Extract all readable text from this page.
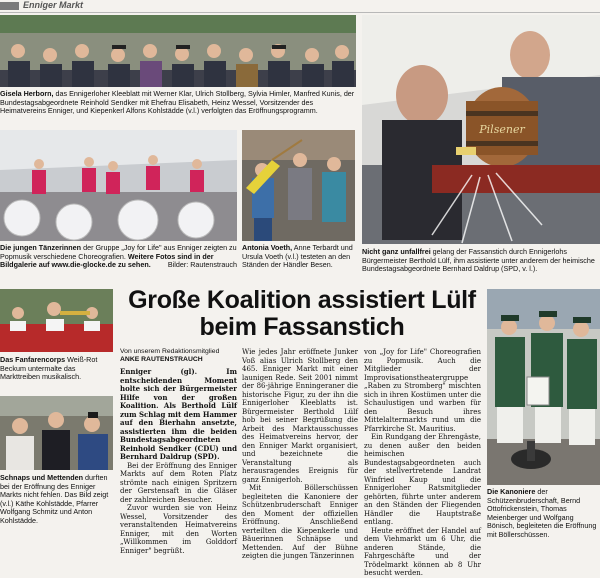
Enniger Markt
Pilsener
Gisela Herborn, das Ennigerloher Kleeblatt mit Werner Klar, Ulrich Stollberg, Sylvia Himler, Manfred Kunis, der Bundestagsabgeordnete Reinhold Sendker mit Ehefrau Elisabeth, Heinz Wessel, Vorsitzender des Heimatvereins Enniger, und Kiepenkerl Alfons Kohlstädde (v.l.) verfolgten das Eröffnungsprogramm.
Die jungen Tänzerinnen der Gruppe „Joy for Life" aus Enniger zeigten zu Popmusik verschiedene Choreografien. Weitere Fotos sind in der Bildgalerie auf www.die-glocke.de zu sehen. Bilder: Rautenstrauch
Antonia Voeth, Anne Terbardt und Ursula Voeth (v.l.) testeten an den Ständen der Händler Besen.
Nicht ganz unfallfrei gelang der Fassanstich durch Ennigerlohs Bürgermeister Berthold Lülf, ihm assistierte unter anderem der heimische Bundestagsabgeordnete Bernhard Daldrup (SPD, v. l.).
Das Fanfarencorps Weiß-Rot Beckum untermalte das Markttreiben musikalisch.
Schnaps und Mettenden durften bei der Eröffnung des Enniger Markts nicht fehlen. Das Bild zeigt (v.l.) Käthe Kohlstädde, Pfarrer Wolfgang Schmitz und Anton Kohlstädde.
Große Koalition assistiert Lülf beim Fassanstich
Von unserem Redaktionsmitglied
ANKE RAUTENSTRAUCH

Enniger (gl). Im entscheidenden Moment holte sich der Bürgermeister Hilfe von der großen Koalition. Als Berthold Lülf zum Schlag mit dem Hammer auf den Bierhahn ansetzte, assistierten ihm die beiden Bundestagsabgeordneten Reinhold Sendker (CDU) und Bernhard Daldrup (SPD).

Bei der Eröffnung des Enniger Markts auf dem Roten Platz strömte nach einigen Spritzern der Gerstensaft in die Gläser der zahlreichen Besucher.

Zuvor wurden sie von Heinz Wessel, Vorsitzender des veranstaltenden Heimatvereins Enniger, mit den Worten „Willkommen im Golddorf Enniger" begrüßt.

Wie jedes Jahr eröffnete Junker Voß alias Ulrich Stollberg den 465. Enniger Markt mit einer launigen Rede. Seit 2001 nimmt der 86-jährige Enningeraner die historische Figur, zu der ihn die Ennigerloher Kleeblatts ist. Bürgermeister Berthold Lülf hob bei seiner Begrüßung die Arbeit des Marktausschusses des Heimatvereins hervor, der den Enniger Markt organisiert, und bezeichnete die Veranstaltung als herausragendes Ereignis für ganz Ennigerloh.

Mit Böllerschüssen begleiteten die Kanoniere der Schützenbruderschaft Enniger den Moment der offiziellen Eröffnung. Anschließend verteilten die Kiepenkerle und Bäuerinnen Schnäpse und Mettenden. Auf der Bühne zeigten die jungen Tänzerinnen

von „Joy for Life" Choreografien zu Popmusik. Auch die Mitglieder der Improvisationstheatergruppe „Raben zu Stromberg" mischten sich in ihren Kostümen unter die Schaulustigen und warben für den Besuch ihres Mittelaltermarkts rund um die Pfarrkirche St. Mauritius.

Ein Rundgang der Ehrengäste, zu denen außer den beiden heimischen Bundestagsabgeordneten auch der stellvertretende Landrat Winfried Kaup und die Ennigerloher Ratsmitglieder gehörten, führte unter anderem an den Ständen der Fliegenden Händler die Hauptstraße entlang.

Heute eröffnet der Handel auf dem Viehmarkt um 6 Uhr, die anderen Stände, die Fahrgeschäfte und der Trödelmarkt können ab 8 Uhr besucht werden.

Die Kanoniere der Schützenbruderschaft, Bernd Ottofrickenstein, Thomas Meienberger und Wolfgang Bönisch, begleiteten die Eröffnung mit Böllerschüssen.
